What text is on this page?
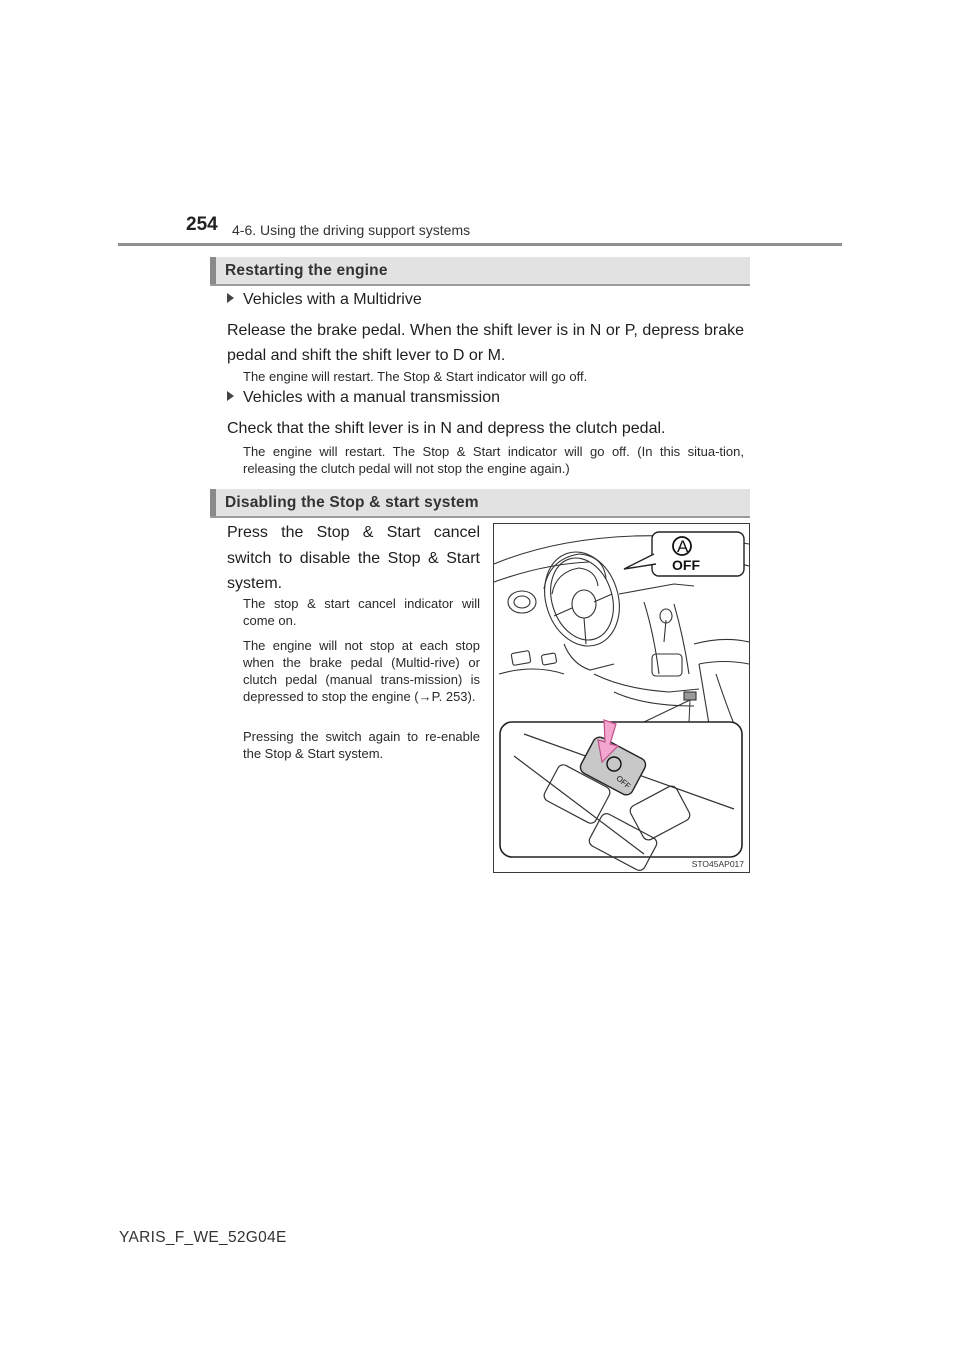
254 4-6. Using the driving support systems
Restarting the engine
Vehicles with a Multidrive
Release the brake pedal. When the shift lever is in N or P, depress brake pedal and shift the shift lever to D or M.
The engine will restart. The Stop & Start indicator will go off.
Vehicles with a manual transmission
Check that the shift lever is in N and depress the clutch pedal.
The engine will restart. The Stop & Start indicator will go off. (In this situa-tion, releasing the clutch pedal will not stop the engine again.)
Disabling the Stop & start system
Press the Stop & Start cancel switch to disable the Stop & Start system.
The stop & start cancel indicator will come on.
The engine will not stop at each stop when the brake pedal (Multid-rive) or clutch pedal (manual trans-mission) is depressed to stop the engine (→P. 253).
Pressing the switch again to re-enable the Stop & Start system.
A
OFF
OFF
STO45AP017
YARIS_F_WE_52G04E
